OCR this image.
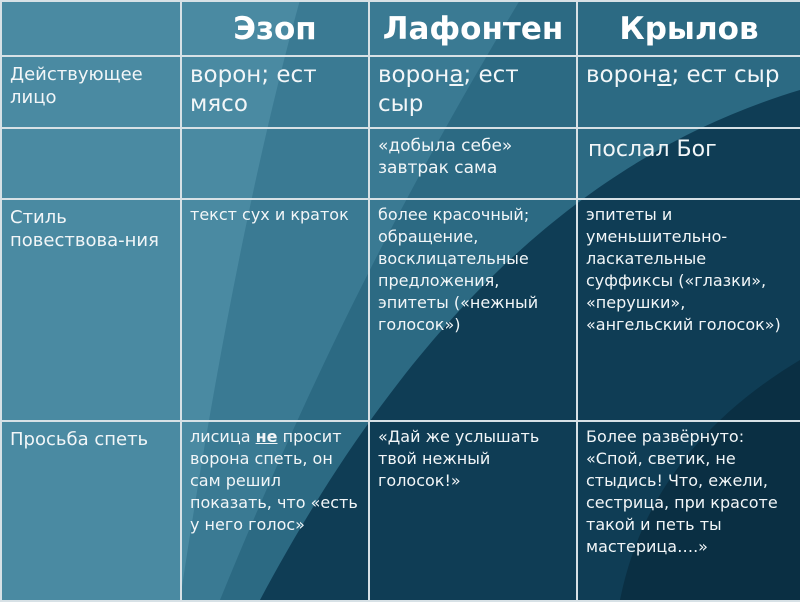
	Эзоп	Лафонтен	Крылов
Действующее лицо	ворон; ест мясо	ворона; ест сыр	ворона; ест сыр
		«добыла себе» завтрак сама	послал Бог

Стиль повествова-ния	текст сух и краток	более красочный; обращение, восклицательные предложения, эпитеты («нежный голосок»)	эпитеты и уменьшительно-ласкательные суффиксы («глазки», «перушки», «ангельский голосок»)
Просьба спеть	лисица не просит ворона спеть, он сам решил показать, что «есть у него голос»	«Дай же услышать твой нежный голосок!»	Более развёрнуто: «Спой, светик, не стыдись! Что, ежели, сестрица, при красоте такой и петь ты мастерица….»
